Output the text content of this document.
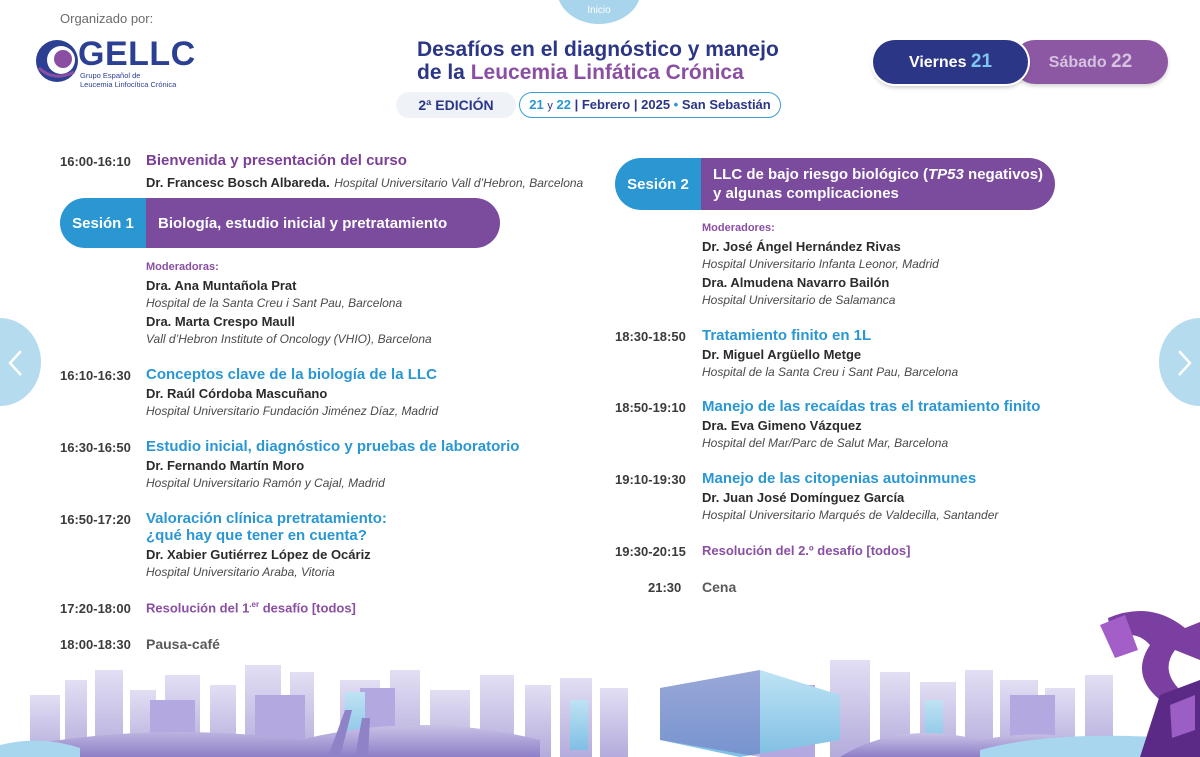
Organizado por:
GELLC
Grupo Español de
Leucemia Linfocítica Crónica
Inicio
Desafíos en el diagnóstico y manejo
de la Leucemia Linfática Crónica
2ª EDICIÓN	21 y 22 | Febrero | 2025 • San Sebastián
Sábado 22
Viernes 21
16:00-16:10 Bienvenida y presentación del curso
Dr. Francesc Bosch Albareda. Hospital Universitario Vall d’Hebron, Barcelona
Sesión 1	Biología, estudio inicial y pretratamiento
Moderadoras:
Dra. Ana Muntañola Prat
Hospital de la Santa Creu i Sant Pau, Barcelona
Dra. Marta Crespo Maull
Vall d’Hebron Institute of Oncology (VHIO), Barcelona
16:10-16:30 Conceptos clave de la biología de la LLC
Dr. Raúl Córdoba Mascuñano
Hospital Universitario Fundación Jiménez Díaz, Madrid
16:30-16:50 Estudio inicial, diagnóstico y pruebas de laboratorio
Dr. Fernando Martín Moro
Hospital Universitario Ramón y Cajal, Madrid
16:50-17:20 Valoración clínica pretratamiento:
¿qué hay que tener en cuenta?
Dr. Xabier Gutiérrez López de Ocáriz
Hospital Universitario Araba, Vitoria
17:20-18:00 Resolución del $1^{.er}$ desafío [todos]
18:00-18:30 Pausa-café
Sesión 2
LLC de bajo riesgo biológico (TP53 negativos)
y algunas complicaciones
Moderadores:
Dr. José Ángel Hernández Rivas
Hospital Universitario Infanta Leonor, Madrid
Dra. Almudena Navarro Bailón
Hospital Universitario de Salamanca
18:30-18:50 Tratamiento finito en 1L
Dr. Miguel Argüello Metge
Hospital de la Santa Creu i Sant Pau, Barcelona
18:50-19:10 Manejo de las recaídas tras el tratamiento finito
Dra. Eva Gimeno Vázquez
Hospital del Mar/Parc de Salut Mar, Barcelona
19:10-19:30 Manejo de las citopenias autoinmunes
Dr. Juan José Domínguez García
Hospital Universitario Marqués de Valdecilla, Santander
19:30-20:15 Resolución del 2.º desafío [todos]
21:30 Cena
